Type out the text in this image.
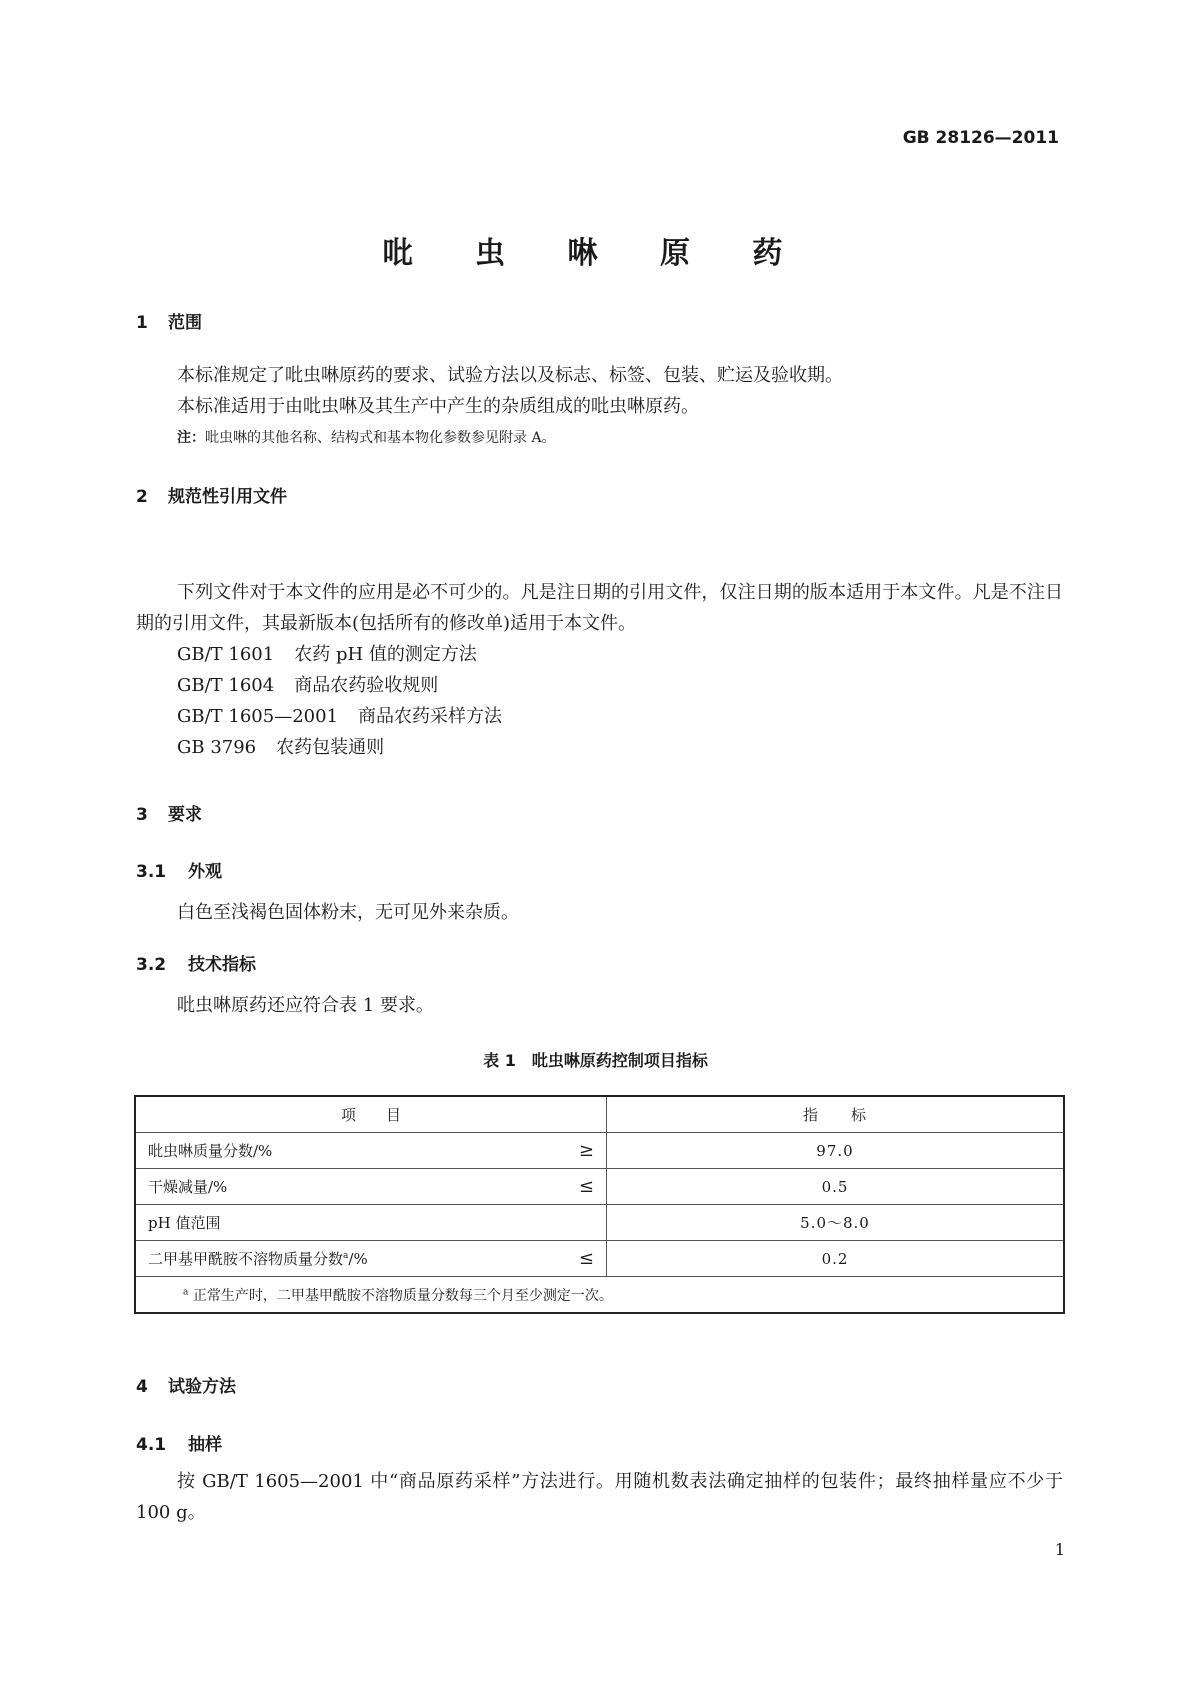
GB 28126—2011
吡 虫 啉 原 药
1 范围
本标准规定了吡虫啉原药的要求、试验方法以及标志、标签、包装、贮运及验收期。
本标准适用于由吡虫啉及其生产中产生的杂质组成的吡虫啉原药。
注：吡虫啉的其他名称、结构式和基本物化参数参见附录 A。
2 规范性引用文件
下列文件对于本文件的应用是必不可少的。凡是注日期的引用文件，仅注日期的版本适用于本文件。凡是不注日期的引用文件，其最新版本(包括所有的修改单)适用于本文件。
GB/T 1601 农药 pH 值的测定方法
GB/T 1604 商品农药验收规则
GB/T 1605—2001 商品农药采样方法
GB 3796 农药包装通则
3 要求
3.1 外观
白色至浅褐色固体粉末，无可见外来杂质。
3.2 技术指标
吡虫啉原药还应符合表 1 要求。
表 1　吡虫啉原药控制项目指标
项　　目	指　　标

吡虫啉质量分数/% ≥	97.0

干燥减量/% ≤	0.5

pH 值范围	5.0～8.0

二甲基甲酰胺不溶物质量分数$^a$/% ≤	0.2
$^a$ 正常生产时，二甲基甲酰胺不溶物质量分数每三个月至少测定一次。	
4 试验方法
4.1 抽样
按 GB/T 1605—2001 中“商品原药采样”方法进行。用随机数表法确定抽样的包装件；最终抽样量应不少于 100 g。
1
